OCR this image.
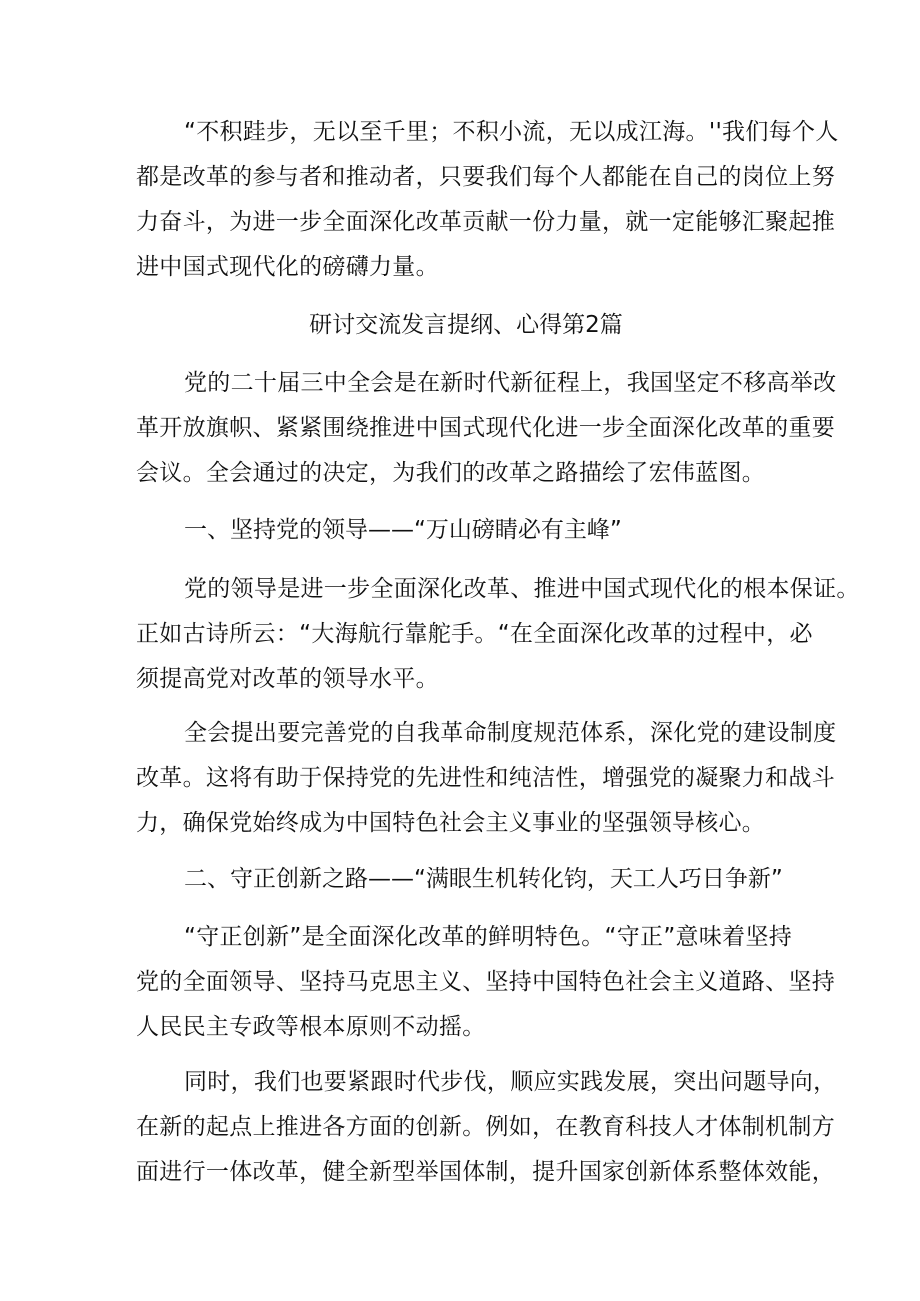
“不积跬步，无以至千里；不积小流，无以成江海。''我们每个人
都是改革的参与者和推动者，只要我们每个人都能在自己的岗位上努
力奋斗，为进一步全面深化改革贡献一份力量，就一定能够汇聚起推
进中国式现代化的磅礴力量。
研讨交流发言提纲、心得第2篇
党的二十届三中全会是在新时代新征程上，我国坚定不移高举改
革开放旗帜、紧紧围绕推进中国式现代化进一步全面深化改革的重要
会议。全会通过的决定，为我们的改革之路描绘了宏伟蓝图。
一、坚持党的领导——“万山磅睛必有主峰”
党的领导是进一步全面深化改革、推进中国式现代化的根本保证。
正如古诗所云：“大海航行靠舵手。“在全面深化改革的过程中，必
须提高党对改革的领导水平。
全会提出要完善党的自我革命制度规范体系，深化党的建设制度
改革。这将有助于保持党的先进性和纯洁性，增强党的凝聚力和战斗
力，确保党始终成为中国特色社会主义事业的坚强领导核心。
二、守正创新之路——“满眼生机转化钧，天工人巧日争新”
“守正创新”是全面深化改革的鲜明特色。“守正”意味着坚持
党的全面领导、坚持马克思主义、坚持中国特色社会主义道路、坚持
人民民主专政等根本原则不动摇。
同时，我们也要紧跟时代步伐，顺应实践发展，突出问题导向，
在新的起点上推进各方面的创新。例如，在教育科技人才体制机制方
面进行一体改革，健全新型举国体制，提升国家创新体系整体效能，
